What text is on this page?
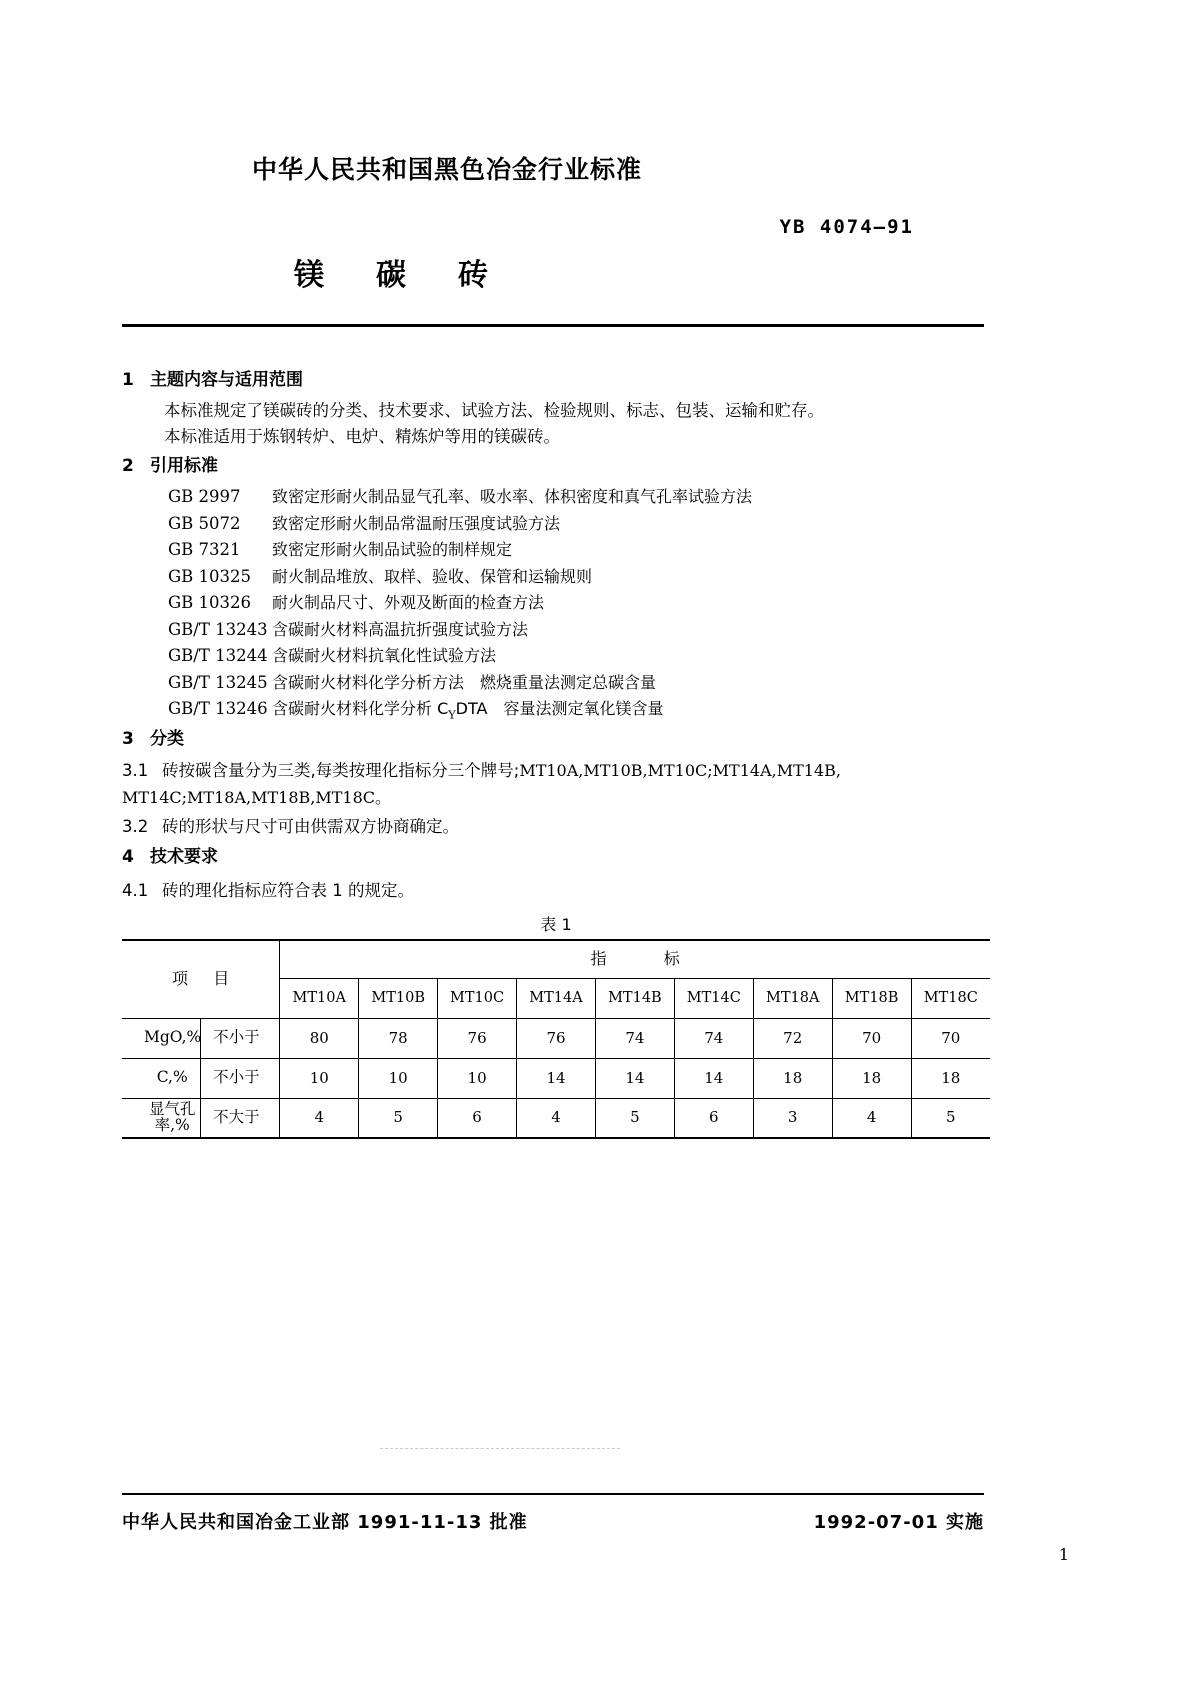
中华人民共和国黑色冶金行业标准
YB 4074—91
镁碳砖
1 主题内容与适用范围
本标准规定了镁碳砖的分类、技术要求、试验方法、检验规则、标志、包装、运输和贮存。
本标准适用于炼钢转炉、电炉、精炼炉等用的镁碳砖。
2 引用标准
GB 2997 致密定形耐火制品显气孔率、吸水率、体积密度和真气孔率试验方法
GB 5072 致密定形耐火制品常温耐压强度试验方法
GB 7321 致密定形耐火制品试验的制样规定
GB 10325 耐火制品堆放、取样、验收、保管和运输规则
GB 10326 耐火制品尺寸、外观及断面的检查方法
GB/T 13243 含碳耐火材料高温抗折强度试验方法
GB/T 13244 含碳耐火材料抗氧化性试验方法
GB/T 13245 含碳耐火材料化学分析方法　燃烧重量法测定总碳含量
GB/T 13246 含碳耐火材料化学分析 $C_YDTA$　容量法测定氧化镁含量
3 分类
3.1 砖按碳含量分为三类,每类按理化指标分三个牌号;MT10A,MT10B,MT10C;MT14A,MT14B,
MT14C;MT18A,MT18B,MT18C。
3.2 砖的形状与尺寸可由供需双方协商确定。
4 技术要求
4.1 砖的理化指标应符合表 1 的规定。
表 1
项 目		指 标								
		MT10A	MT10B	MT10C	MT14A	MT14B	MT14C	MT18A	MT18B	MT18C
MgO,%	不小于	80	78	76	76	74	74	72	70	70
C,%	不小于	10	10	10	14	14	14	18	18	18
显气孔率,%	不大于	4	5	6	4	5	6	3	4	5
中华人民共和国冶金工业部 1991-11-13 批准	1992-07-01 实施
1
